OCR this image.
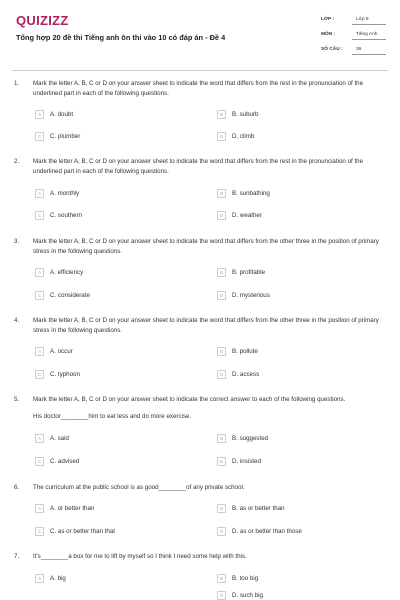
QUIZIZZ
Tổng hợp 20 đề thi Tiếng anh ôn thi vào 10 có đáp án - Đề 4
LỚP :	Lớp 9
MÔN :	Tiếng Anh
SỐ CÂU :	36
1. Mark the letter A, B, C or D on your answer sheet to indicate the word that differs from the rest in the pronunciation of the underlined part in each of the following questions.
A	A. doubt	B	B. suburb
C	C. plumber	D	D. climb
2. Mark the letter A, B, C or D on your answer sheet to indicate the word that differs from the rest in the pronunciation of the underlined part in each of the following questions.
A	A. monthly	B	B. sunbathing
C	C. southern	D	D. weather
3. Mark the letter A, B, C or D on your answer sheet to indicate the word that differs from the other three in the position of primary stress in the following questions.
A	A. efficiency	B	B. profitable
C	C. considerate	D	D. mysterious
4. Mark the letter A, B, C or D on your answer sheet to indicate the word that differs from the other three in the position of primary stress in the following questions.
A	A. occur	B	B. pollute
C	C. typhoon	D	D. access
5. Mark the letter A, B, C or D on your answer sheet to indicate the correct answer to each of the following questions.
His doctor________him to eat less and do more exercise.
A	A. said	B	B. suggested
C	C. advised	D	D. insisted
6. The curriculum at the public school is as good________of any private school.
A	A. or better than	B	B. as or better than
C	C. as or better than that	D	D. as or better than those
7. It's________a box for me to lift by myself so I think I need some help with this.
A	A. big	B	B. too big
D	D. such big
